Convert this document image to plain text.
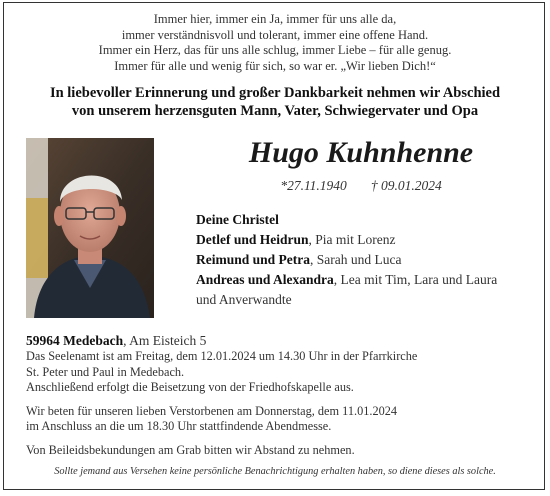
Immer hier, immer ein Ja, immer für uns alle da,
immer verständnisvoll und tolerant, immer eine offene Hand.
Immer ein Herz, das für uns alle schlug, immer Liebe – für alle genug.
Immer für alle und wenig für sich, so war er. „Wir lieben Dich!“
In liebevoller Erinnerung und großer Dankbarkeit nehmen wir Abschied
von unserem herzensguten Mann, Vater, Schwiegervater und Opa
Hugo Kuhnhenne
*27.11.1940 † 09.01.2024
Deine Christel
Detlef und Heidrun, Pia mit Lorenz
Reimund und Petra, Sarah und Luca
Andreas und Alexandra, Lea mit Tim, Lara und Laura
und Anverwandte

59964 Medebach, Am Eisteich 5

Das Seelenamt ist am Freitag, dem 12.01.2024 um 14.30 Uhr in der Pfarrkirche
St. Peter und Paul in Medebach.
Anschließend erfolgt die Beisetzung von der Friedhofskapelle aus.

Wir beten für unseren lieben Verstorbenen am Donnerstag, dem 11.01.2024
im Anschluss an die um 18.30 Uhr stattfindende Abendmesse.

Von Beileidsbekundungen am Grab bitten wir Abstand zu nehmen.

Sollte jemand aus Versehen keine persönliche Benachrichtigung erhalten haben, so diene dieses als solche.
